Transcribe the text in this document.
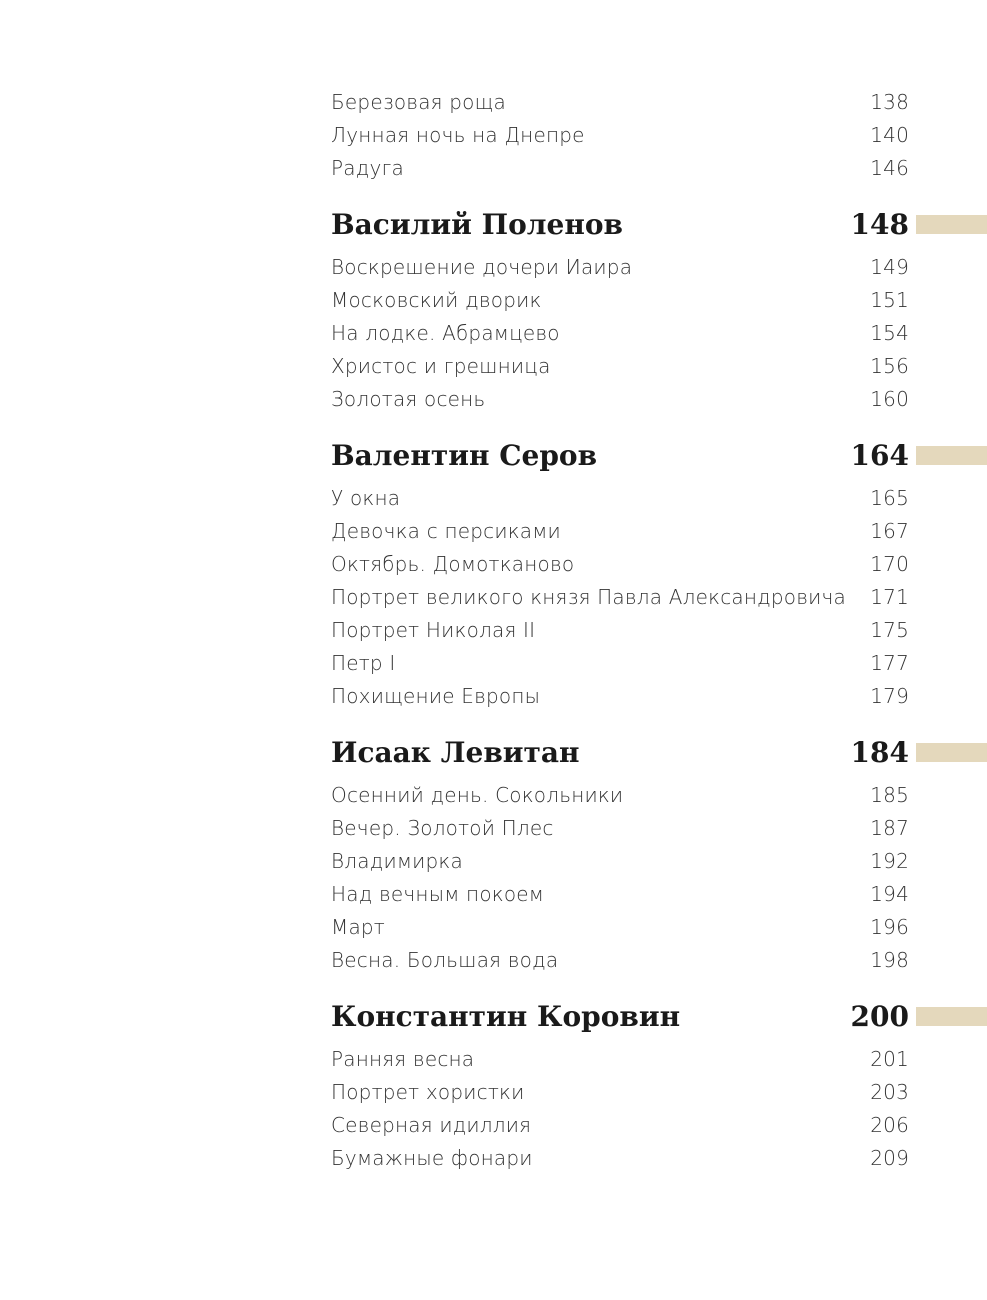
Березовая роща	138
Лунная ночь на Днепре	140
Радуга	146
Василий Поленов	148
Воскрешение дочери Иаира	149
Московский дворик	151
На лодке. Абрамцево	154
Христос и грешница	156
Золотая осень	160
Валентин Серов	164
У окна	165
Девочка с персиками	167
Октябрь. Домотканово	170
Портрет великого князя Павла Александровича 171
Портрет Николая II	175
Петр I	177
Похищение Европы	179
Исаак Левитан	184
Осенний день. Сокольники	185
Вечер. Золотой Плес	187
Владимирка	192
Над вечным покоем	194
Март	196
Весна. Большая вода	198
Константин Коровин	200
Ранняя весна	201
Портрет хористки	203
Северная идиллия	206
Бумажные фонари	209
